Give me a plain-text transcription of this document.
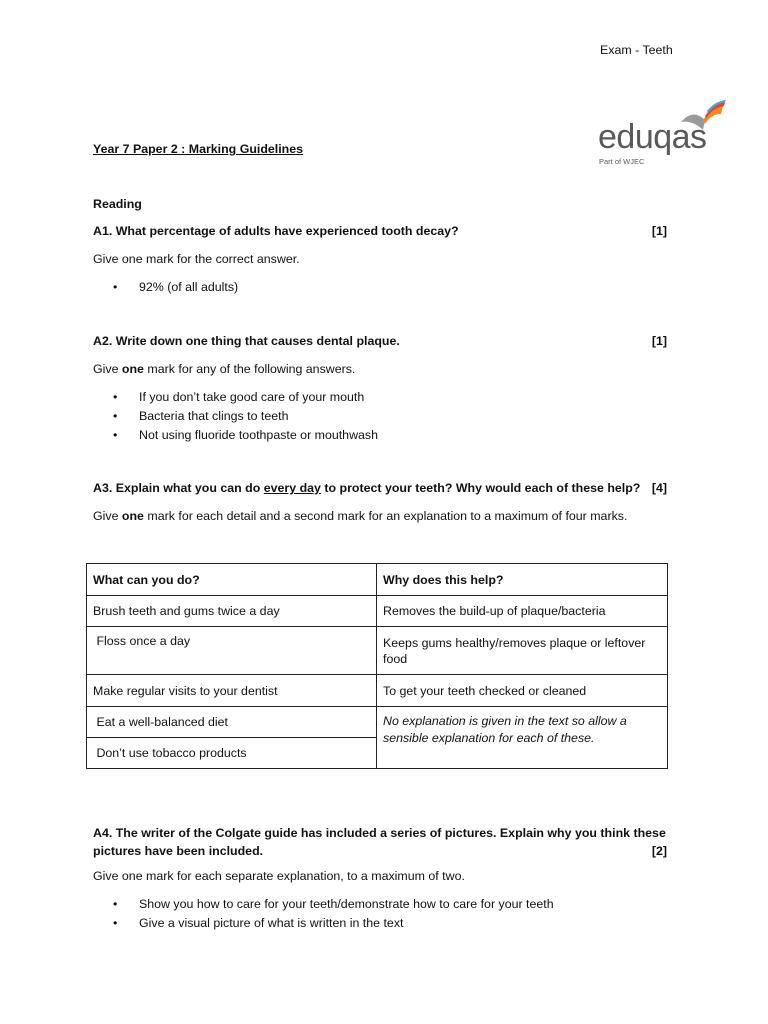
Exam - Teeth
eduqas
Part of WJEC
Year 7 Paper 2 : Marking Guidelines
Reading
A1. What percentage of adults have experienced tooth decay?	[1]
Give one mark for the correct answer.
• 92% (of all adults)
A2. Write down one thing that causes dental plaque.	[1]
Give one mark for any of the following answers.
• If you don’t take good care of your mouth
• Bacteria that clings to teeth
• Not using fluoride toothpaste or mouthwash
A3. Explain what you can do every day to protect your teeth? Why would each of these help? [4]
Give one mark for each detail and a second mark for an explanation to a maximum of four marks.
What can you do?	Why does this help?
Brush teeth and gums twice a day	Removes the build-up of plaque/bacteria
Floss once a day	Keeps gums healthy/removes plaque or leftover food
Make regular visits to your dentist	To get your teeth checked or cleaned
Eat a well-balanced diet	No explanation is given in the text so allow a sensible explanation for each of these.
Don’t use tobacco products	
A4. The writer of the Colgate guide has included a series of pictures. Explain why you think these
pictures have been included.	[2]
Give one mark for each separate explanation, to a maximum of two.
• Show you how to care for your teeth/demonstrate how to care for your teeth
• Give a visual picture of what is written in the text
